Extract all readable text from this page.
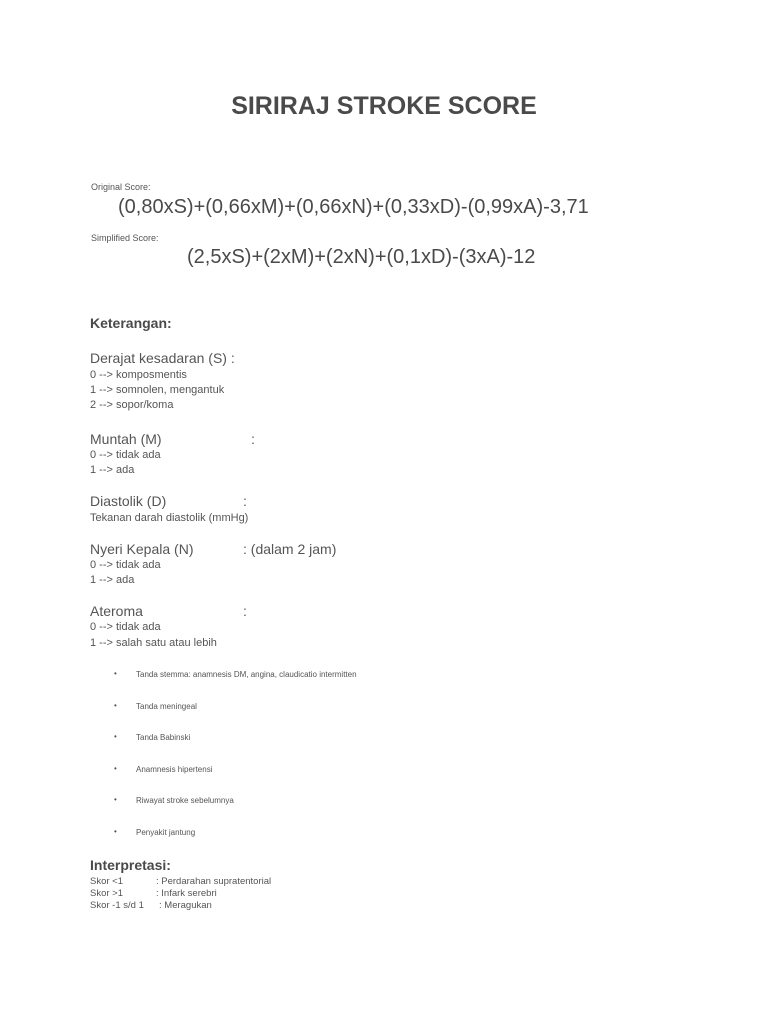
SIRIRAJ STROKE SCORE
Original Score:
(0,80xS)+(0,66xM)+(0,66xN)+(0,33xD)-(0,99xA)-3,71
Simplified Score:
(2,5xS)+(2xM)+(2xN)+(0,1xD)-(3xA)-12
Keterangan:
Derajat kesadaran (S) :
0 --> komposmentis
1 --> somnolen, mengantuk
2 --> sopor/koma
Muntah (M)	:
0 --> tidak ada
1 --> ada
Diastolik (D)	:
Tekanan darah diastolik (mmHg)
Nyeri Kepala (N)	: (dalam 2 jam)
0 --> tidak ada
1 --> ada
Ateroma	:
0 --> tidak ada
1 --> salah satu atau lebih
• Tanda stemma: anamnesis DM, angina, claudicatio intermitten
• Tanda meningeal
• Tanda Babinski
• Anamnesis hipertensi
• Riwayat stroke sebelumnya
• Penyakit jantung
Interpretasi:
Skor <1	: Perdarahan supratentorial
Skor >1	: Infark serebri
Skor -1 s/d 1 : Meragukan
